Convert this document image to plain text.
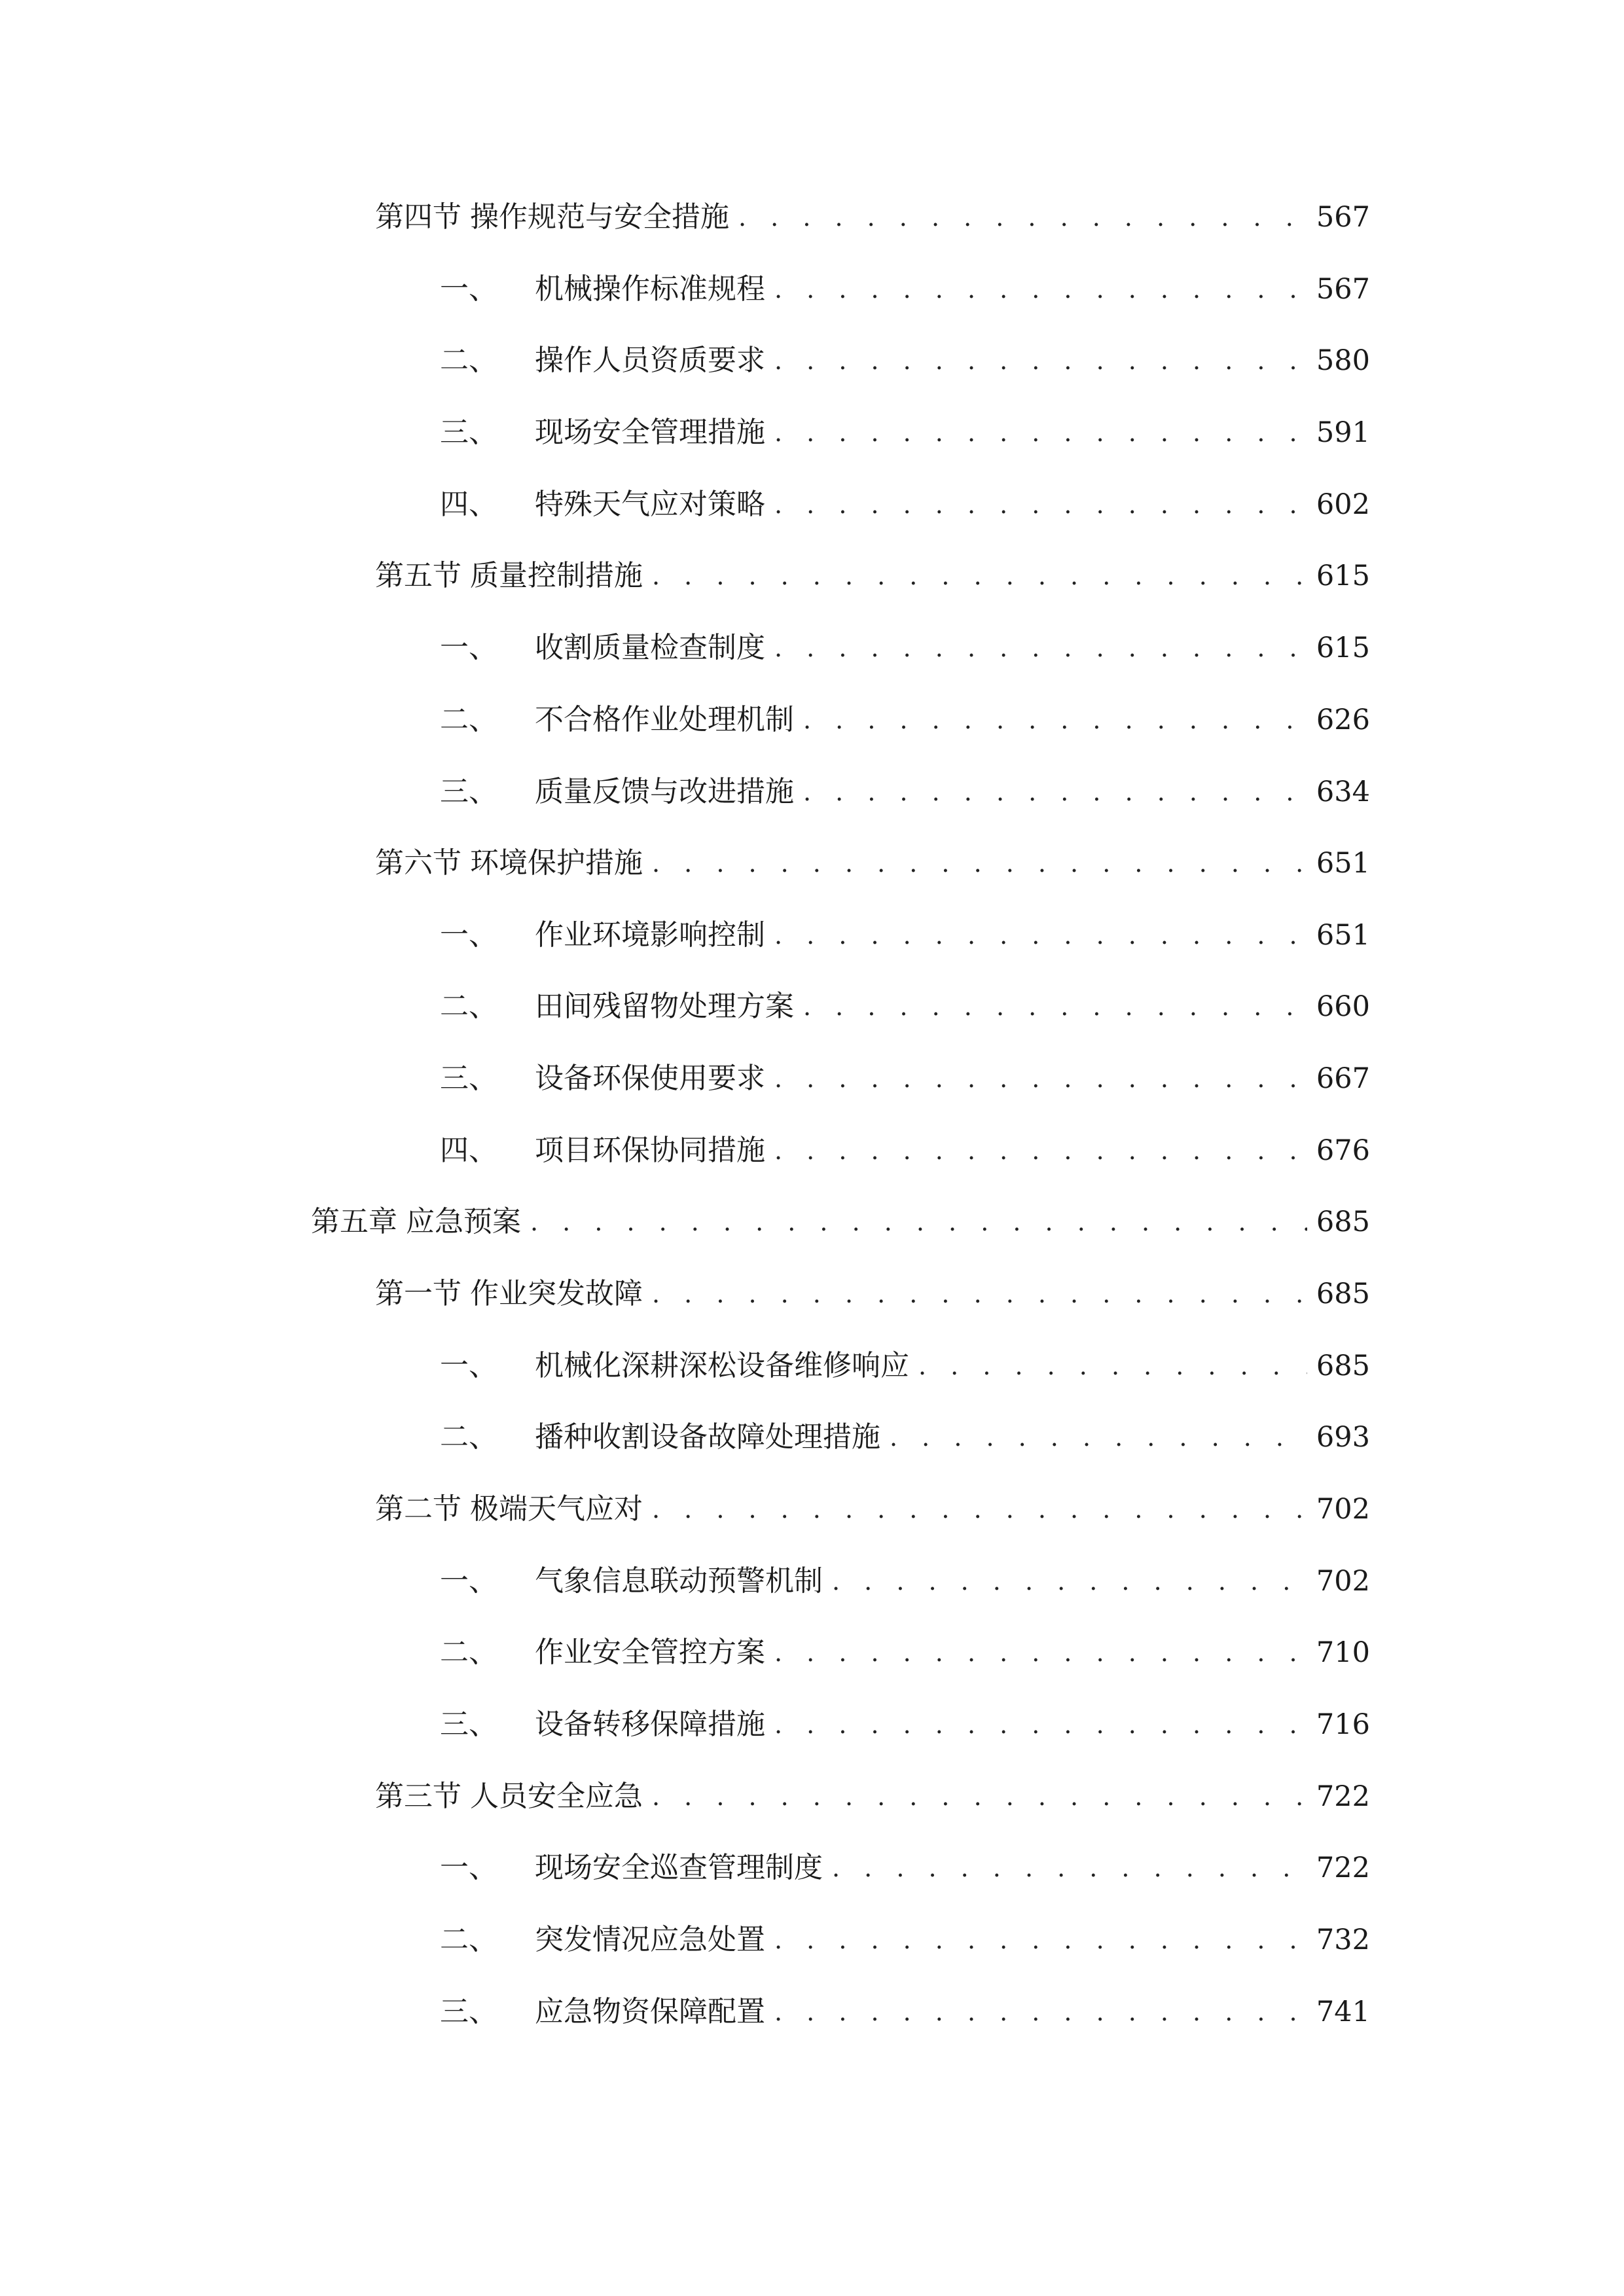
第四节 操作规范与安全措施 . . .	567
一、	机械操作标准规程 . . .	567
二、	操作人员资质要求 . . .	580
三、	现场安全管理措施 . . .	591
四、	特殊天气应对策略 . . .	602
第五节 质量控制措施 . . .	615
一、	收割质量检查制度 . . .	615
二、	不合格作业处理机制 . . .	626
三、	质量反馈与改进措施 . . .	634
第六节 环境保护措施 . . .	651
一、	作业环境影响控制 . . .	651
二、	田间残留物处理方案 . . .	660
三、	设备环保使用要求 . . .	667
四、	项目环保协同措施 . . .	676
第五章 应急预案 . . .	685
第一节 作业突发故障 . . .	685
一、	机械化深耕深松设备维修响应 . . .	685
二、	播种收割设备故障处理措施 . . .	693
第二节 极端天气应对 . . .	702
一、	气象信息联动预警机制 . . .	702
二、	作业安全管控方案 . . .	710
三、	设备转移保障措施 . . .	716
第三节 人员安全应急 . . .	722
一、	现场安全巡查管理制度 . . .	722
二、	突发情况应急处置 . . .	732
三、	应急物资保障配置 . . .	741
